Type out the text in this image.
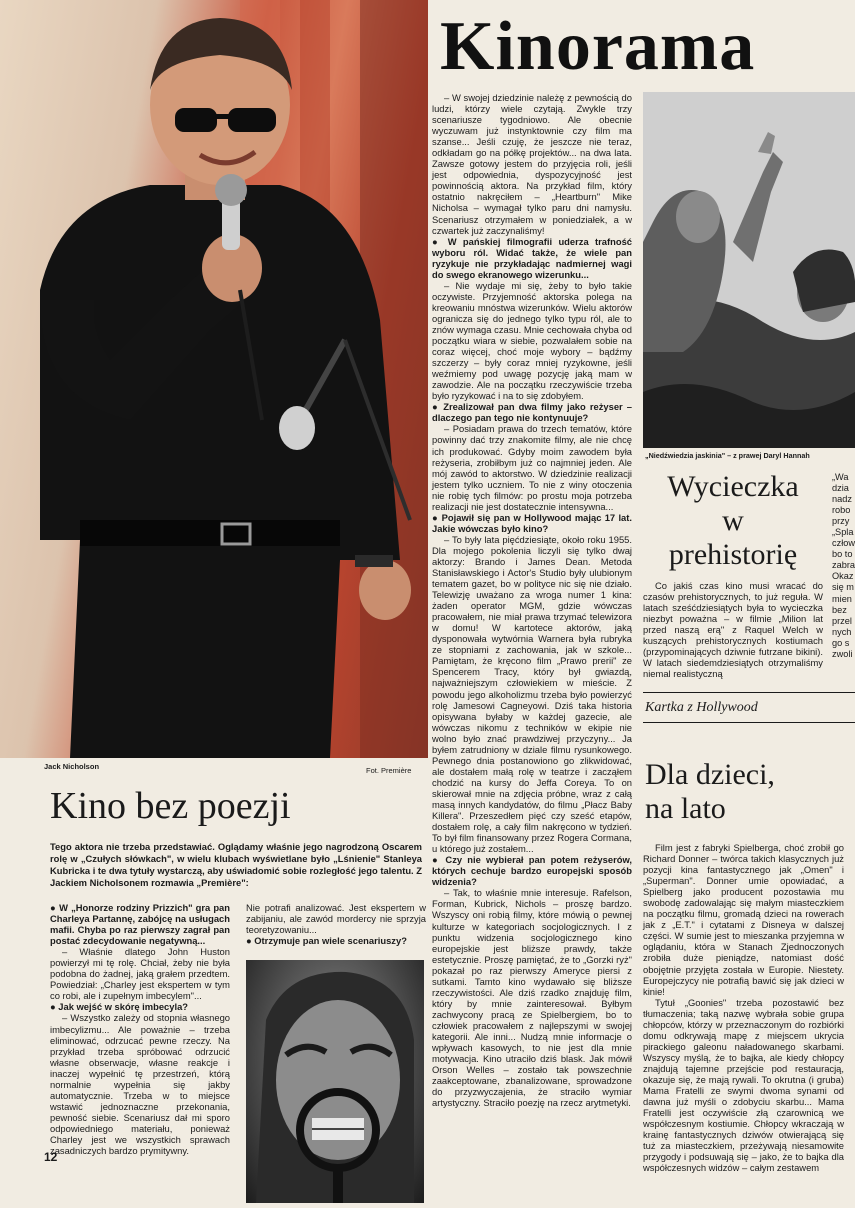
Kinorama
Jack Nicholson	Fot. Première
Kino bez poezji
Tego aktora nie trzeba przedstawiać. Oglądamy właśnie jego nagrodzoną Oscarem rolę w „Czułych słówkach", w wielu klubach wyświetlane było „Lśnienie" Stanleya Kubricka i te dwa tytuły wystarczą, aby uświadomić sobie rozległość jego talentu. Z Jackiem Nicholsonem rozmawia „Première":

● W „Honorze rodziny Prizzich" gra pan Charleya Partannę, zabójcę na usługach mafii. Chyba po raz pierwszy zagrał pan postać zdecydowanie negatywną...

– Właśnie dlatego John Huston powierzył mi tę rolę. Chciał, żeby nie była podobna do żadnej, jaką grałem przedtem. Powiedział: „Charley jest ekspertem w tym co robi, ale i zupełnym imbecylem"...

● Jak wejść w skórę imbecyla?

– Wszystko zależy od stopnia własnego imbecylizmu... Ale poważnie – trzeba eliminować, odrzucać pewne rzeczy. Na przykład trzeba spróbować odrzucić własne obserwacje, własne reakcje i inaczej wypełnić tę przestrzeń, którą normalnie wypełnia się jakby automatycznie. Trzeba w to miejsce wstawić jednoznaczne przekonania, pewność siebie. Scenariusz dał mi sporo odpowiedniego materiału, ponieważ Charley jest we wszystkich sprawach zasadniczych bardzo prymitywny.

Nie potrafi analizować. Jest ekspertem w zabijaniu, ale zawód mordercy nie sprzyja teoretyzowaniu...

● Otrzymuje pan wiele scenariuszy?

12

– W swojej dziedzinie należę z pewnością do ludzi, którzy wiele czytają. Zwykle trzy scenariusze tygodniowo. Ale obecnie wyczuwam już instynktownie czy film ma szanse... Jeśli czuję, że jeszcze nie teraz, odkładam go na półkę projektów... na dwa lata. Zawsze gotowy jestem do przyjęcia roli, jeśli jest odpowiednia, dyspozycyjność jest powinnością aktora. Na przykład film, który ostatnio nakręciłem – „Heartburn" Mike Nicholsa – wymagał tylko paru dni namysłu. Scenariusz otrzymałem w poniedziałek, a w czwartek już zaczynaliśmy!

● W pańskiej filmografii uderza trafność wyboru ról. Widać także, że wiele pan ryzykuje nie przykładając nadmiernej wagi do swego ekranowego wizerunku...

– Nie wydaje mi się, żeby to było takie oczywiste. Przyjemność aktorska polega na kreowaniu mnóstwa wizerunków. Wielu aktorów ogranicza się do jednego tylko typu ról, ale to znów wymaga czasu. Mnie cechowała chyba od początku wiara w siebie, pozwalałem sobie na coraz więcej, choć moje wybory – bądźmy szczerzy – były coraz mniej ryzykowne, jeśli weźmiemy pod uwagę pozycję jaką mam w zawodzie. Ale na początku rzeczywiście trzeba było ryzykować i na to się zdobyłem.

● Zrealizował pan dwa filmy jako reżyser – dlaczego pan tego nie kontynuuje?

– Posiadam prawa do trzech tematów, które powinny dać trzy znakomite filmy, ale nie chcę ich produkować. Gdyby moim zawodem była reżyseria, zrobiłbym już co najmniej jeden. Ale mój zawód to aktorstwo. W dziedzinie realizacji jestem tylko uczniem. To nie z winy otoczenia nie robię tych filmów: po prostu moja potrzeba realizacji nie jest dostatecznie intensywna...

● Pojawił się pan w Hollywood mając 17 lat. Jakie wówczas było kino?

– To były lata pięćdziesiąte, około roku 1955. Dla mojego pokolenia liczyli się tylko dwaj aktorzy: Brando i James Dean. Metoda Stanisławskiego i Actor's Studio były ulubionym tematem gazet, bo w polityce nic się nie działo. Telewizję uważano za wroga numer 1 kina: żaden operator MGM, gdzie wówczas pracowałem, nie miał prawa trzymać telewizora w domu! W kartotece aktorów, jaką dysponowała wytwórnia Warnera była rubryka ze stopniami z zachowania, jak w szkole... Pamiętam, że kręcono film „Prawo prerii" ze Spencerem Tracy, który był gwiazdą, najważniejszym człowiekiem w mieście. Z powodu jego alkoholizmu trzeba było powierzyć rolę Jamesowi Cagneyowi. Dziś taka historia opisywana byłaby w każdej gazecie, ale wówczas nikomu z techników w ekipie nie wolno było znać prawdziwej przyczyny... Ja byłem zatrudniony w dziale filmu rysunkowego. Pewnego dnia postanowiono go zlikwidować, ale dostałem małą rolę w teatrze i zacząłem chodzić na kursy do Jeffa Coreya. To on skierował mnie na zdjęcia próbne, wraz z całą masą innych kandydatów, do filmu „Płacz Baby Killera". Przeszedłem pięć czy sześć etapów, dostałem rolę, a cały film nakręcono w tydzień. To był film finansowany przez Rogera Cormana, u którego już zostałem...

● Czy nie wybierał pan potem reżyserów, których cechuje bardzo europejski sposób widzenia?

– Tak, to właśnie mnie interesuje. Rafelson, Forman, Kubrick, Nichols – proszę bardzo. Wszyscy oni robią filmy, które mówią o pewnej kulturze w kategoriach socjologicznych. I z punktu widzenia socjologicznego kino europejskie jest bliższe prawdy, także estetycznie. Proszę pamiętać, że to „Gorzki ryż" pokazał po raz pierwszy Ameryce piersi z sutkami. Tamto kino wydawało się bliższe rzeczywistości. Ale dziś rzadko znajduję film, który by mnie zainteresował. Byłbym zachwycony pracą ze Spielbergiem, bo to człowiek pracowałem z najlepszymi w swojej kategorii. Ale inni... Nudzą mnie informacje o wpływach kasowych, to nie jest dla mnie motywacja. Kino utraciło dziś blask. Jak mówił Orson Welles – zostało tak powszechnie zaakceptowane, zbanalizowane, sprowadzone do przyzwyczajenia, że straciło wymiar artystyczny. Straciło poezję na rzecz arytmetyki.

„Niedźwiedzia jaskinia" – z prawej Daryl Hannah
Wycieczka
w
prehistorię

Co jakiś czas kino musi wracać do czasów prehistorycznych, to już reguła. W latach sześćdziesiątych była to wycieczka niezbyt poważna – w filmie „Milion lat przed naszą erą" z Raquel Welch w kuszących prehistorycznych kostiumach (przypominających dziwnie futrzane bikini). W latach siedemdziesiątych otrzymaliśmy niemal realistyczną

„Wa
dzia
nadz
robo
przy
„Spla
człow
bo to
zabra
Okaz
się m
mien
bez
przel
nych
go s
zwoli
Kartka z Hollywood
Dla dzieci,
na lato

Film jest z fabryki Spielberga, choć zrobił go Richard Donner – twórca takich klasycznych już pozycji kina fantastycznego jak „Omen" i „Superman". Donner umie opowiadać, a Spielberg jako producent pozostawia mu swobodę zadowalając się małym miasteczkiem na początku filmu, gromadą dzieci na rowerach jak z „E.T." i cytatami z Disneya w dalszej części. W sumie jest to mieszanka przyjemna w oglądaniu, która w Stanach Zjednoczonych zrobiła duże pieniądze, natomiast dość obojętnie przyjęta została w Europie. Niestety. Europejczycy nie potrafią bawić się jak dzieci w kinie!

Tytuł „Goonies" trzeba pozostawić bez tłumaczenia; taką nazwę wybrała sobie grupa chłopców, którzy w przeznaczonym do rozbiórki domu odkrywają mapę z miejscem ukrycia pirackiego galeonu naładowanego skarbami. Wszyscy myślą, że to bajka, ale kiedy chłopcy znajdują tajemne przejście pod restauracją, okazuje się, że mają rywali. To okrutna (i gruba) Mama Fratelli ze swymi dwoma synami od dawna już myśli o zdobyciu skarbu... Mama Fratelli jest oczywiście złą czarownicą we współczesnym kostiumie. Chłopcy wkraczają w krainę fantastycznych dziwów otwierającą się tuż za miasteczkiem, przeżywają niesamowite przygody i podsuwają się – jako, że to bajka dla współczesnych widzów – całym zestawem
